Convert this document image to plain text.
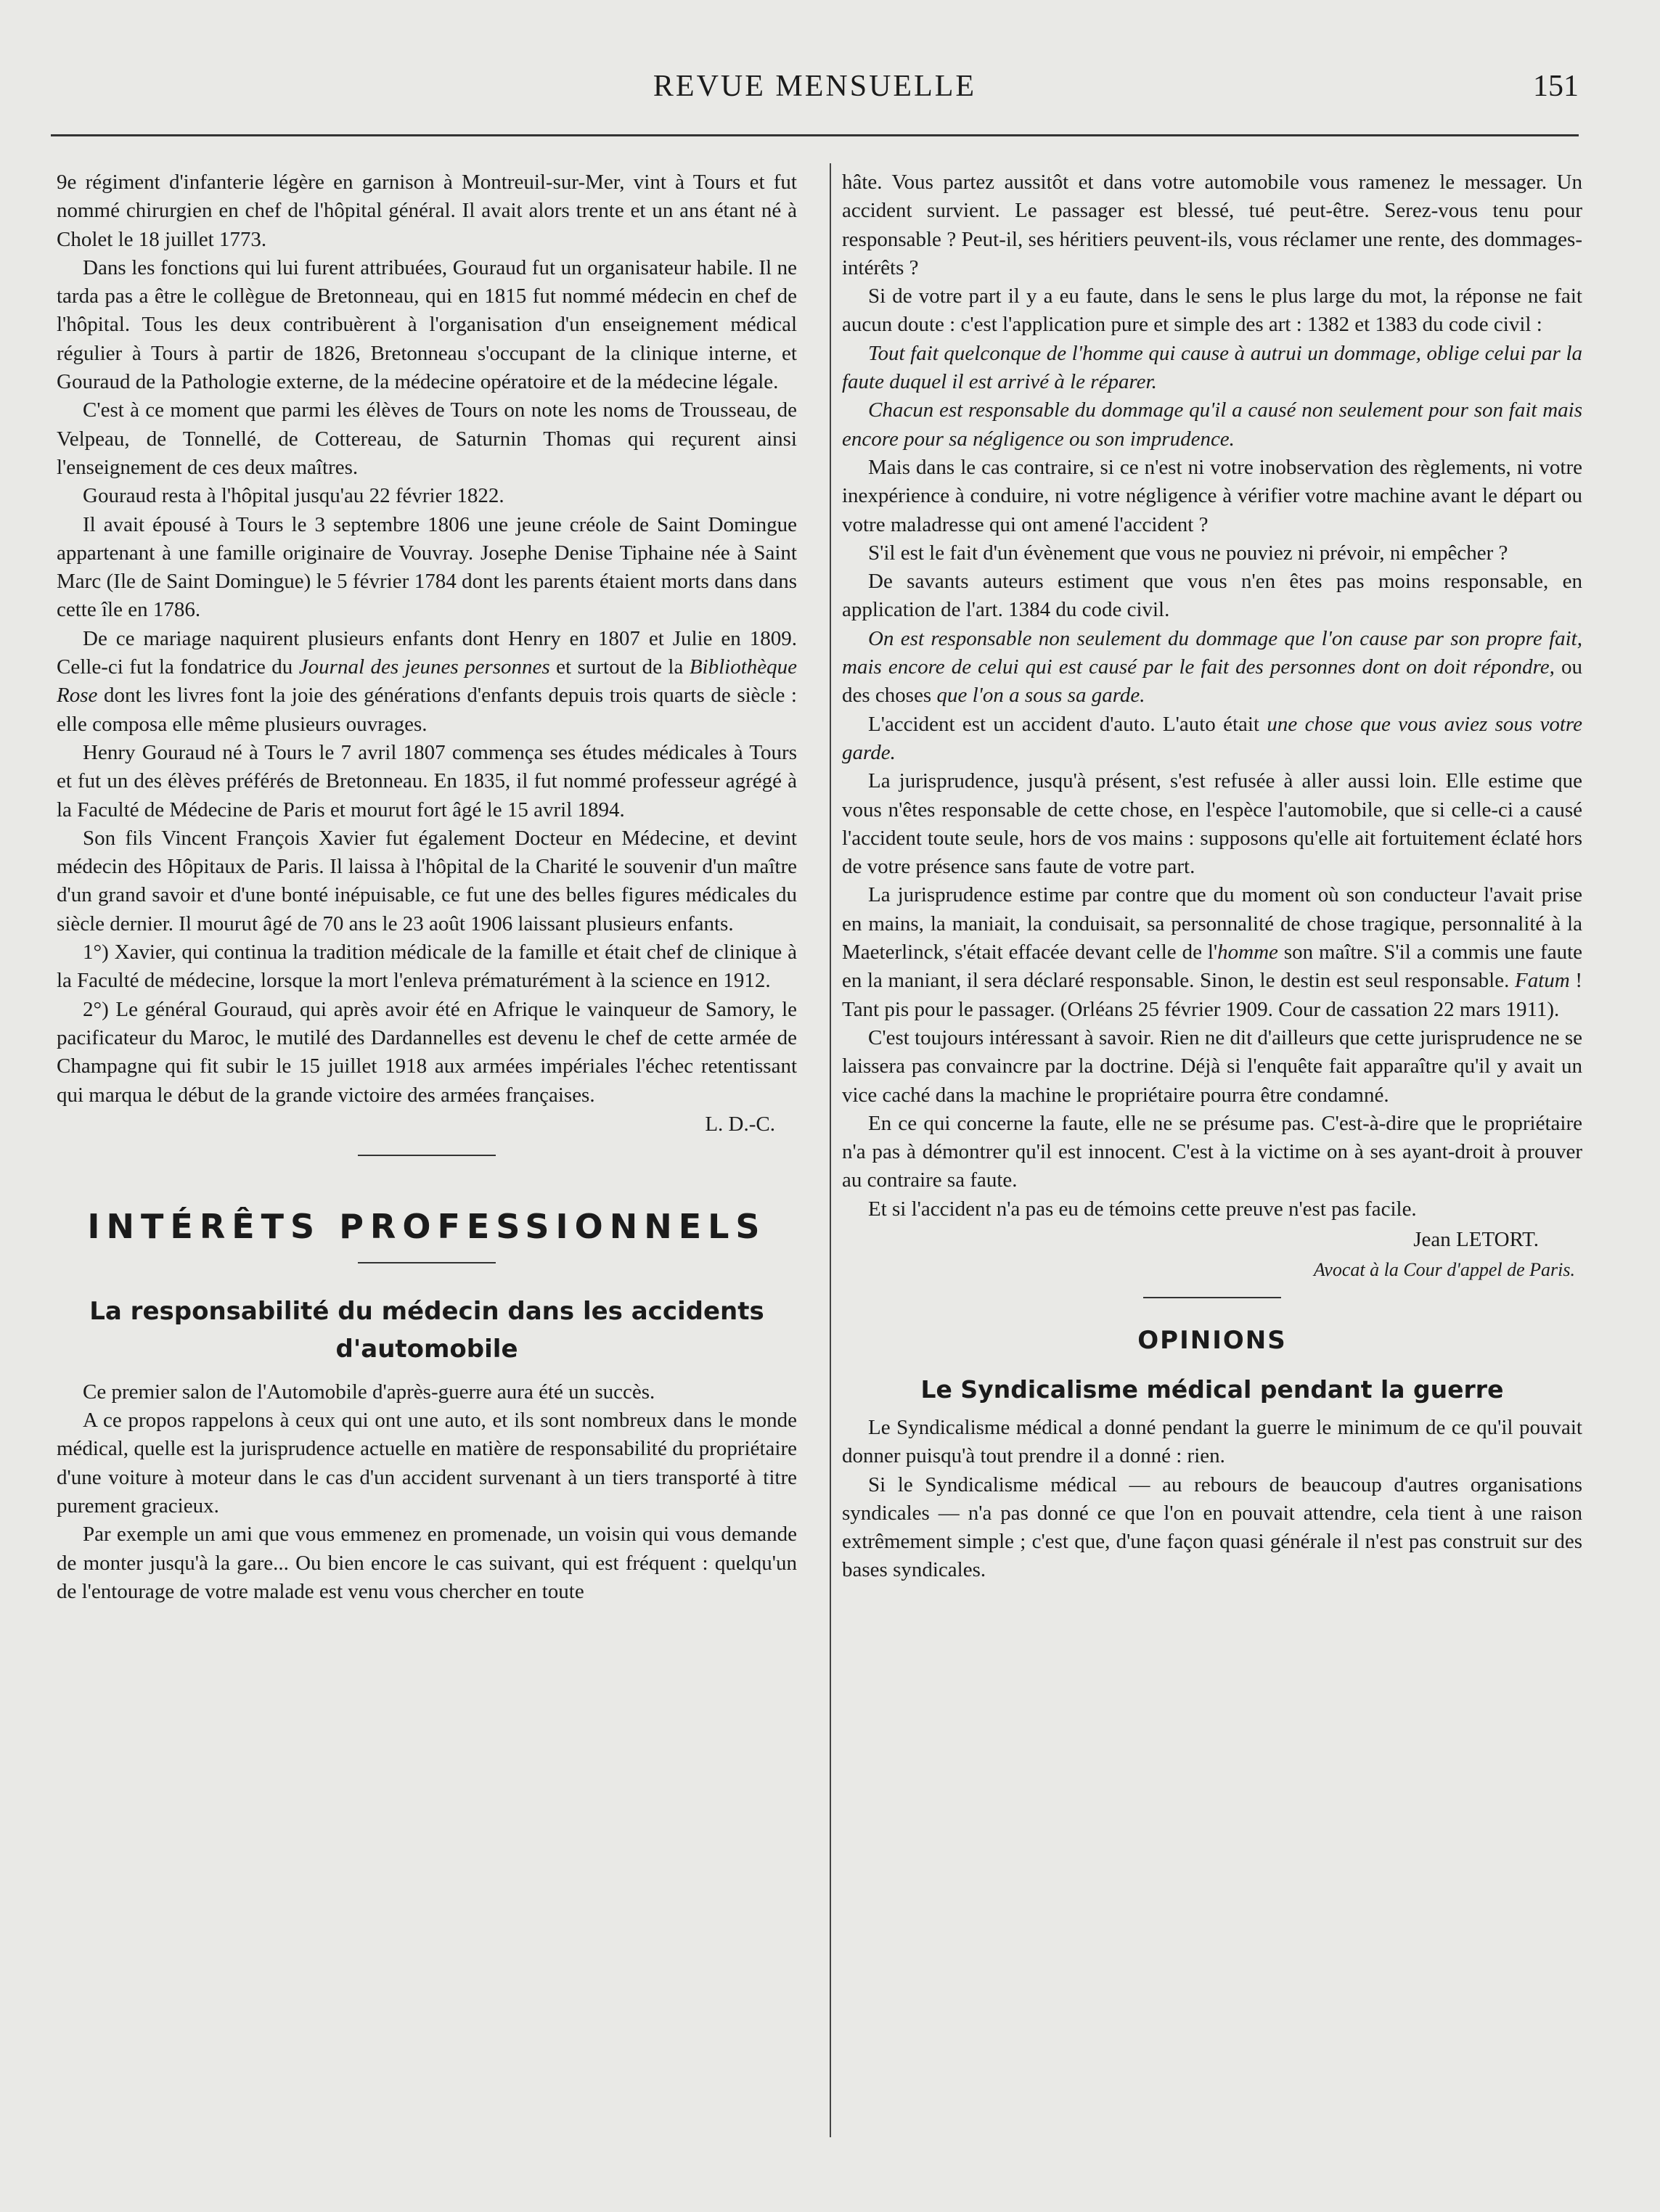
REVUE MENSUELLE	151

9e régiment d'infanterie légère en garnison à Montreuil-sur-Mer, vint à Tours et fut nommé chirurgien en chef de l'hôpital général. Il avait alors trente et un ans étant né à Cholet le 18 juillet 1773.

Dans les fonctions qui lui furent attribuées, Gouraud fut un organisateur habile. Il ne tarda pas a être le collègue de Bretonneau, qui en 1815 fut nommé médecin en chef de l'hôpital. Tous les deux contribuèrent à l'organisation d'un enseignement médical régulier à Tours à partir de 1826, Bretonneau s'occupant de la clinique interne, et Gouraud de la Pathologie externe, de la médecine opératoire et de la médecine légale.

C'est à ce moment que parmi les élèves de Tours on note les noms de Trousseau, de Velpeau, de Tonnellé, de Cottereau, de Saturnin Thomas qui reçurent ainsi l'enseignement de ces deux maîtres.

Gouraud resta à l'hôpital jusqu'au 22 février 1822.

Il avait épousé à Tours le 3 septembre 1806 une jeune créole de Saint Domingue appartenant à une famille originaire de Vouvray. Josephe Denise Tiphaine née à Saint Marc (Ile de Saint Domingue) le 5 février 1784 dont les parents étaient morts dans dans cette île en 1786.

De ce mariage naquirent plusieurs enfants dont Henry en 1807 et Julie en 1809. Celle-ci fut la fondatrice du Journal des jeunes personnes et surtout de la Bibliothèque Rose dont les livres font la joie des générations d'enfants depuis trois quarts de siècle : elle composa elle même plusieurs ouvrages.

Henry Gouraud né à Tours le 7 avril 1807 commença ses études médicales à Tours et fut un des élèves préférés de Bretonneau. En 1835, il fut nommé professeur agrégé à la Faculté de Médecine de Paris et mourut fort âgé le 15 avril 1894.

Son fils Vincent François Xavier fut également Docteur en Médecine, et devint médecin des Hôpitaux de Paris. Il laissa à l'hôpital de la Charité le souvenir d'un maître d'un grand savoir et d'une bonté inépuisable, ce fut une des belles figures médicales du siècle dernier. Il mourut âgé de 70 ans le 23 août 1906 laissant plusieurs enfants.

1°) Xavier, qui continua la tradition médicale de la famille et était chef de clinique à la Faculté de médecine, lorsque la mort l'enleva prématurément à la science en 1912.

2°) Le général Gouraud, qui après avoir été en Afrique le vainqueur de Samory, le pacificateur du Maroc, le mutilé des Dardannelles est devenu le chef de cette armée de Champagne qui fit subir le 15 juillet 1918 aux armées impériales l'échec retentissant qui marqua le début de la grande victoire des armées françaises.

L. D.-C.
INTÉRÊTS PROFESSIONNELS
La responsabilité du médecin dans les accidents d'automobile

Ce premier salon de l'Automobile d'après-guerre aura été un succès.

A ce propos rappelons à ceux qui ont une auto, et ils sont nombreux dans le monde médical, quelle est la jurisprudence actuelle en matière de responsabilité du propriétaire d'une voiture à moteur dans le cas d'un accident survenant à un tiers transporté à titre purement gracieux.

Par exemple un ami que vous emmenez en promenade, un voisin qui vous demande de monter jusqu'à la gare... Ou bien encore le cas suivant, qui est fréquent : quelqu'un de l'entourage de votre malade est venu vous chercher en toute

hâte. Vous partez aussitôt et dans votre automobile vous ramenez le messager. Un accident survient. Le passager est blessé, tué peut-être. Serez-vous tenu pour responsable ? Peut-il, ses héritiers peuvent-ils, vous réclamer une rente, des dommages-intérêts ?

Si de votre part il y a eu faute, dans le sens le plus large du mot, la réponse ne fait aucun doute : c'est l'application pure et simple des art : 1382 et 1383 du code civil :

Tout fait quelconque de l'homme qui cause à autrui un dommage, oblige celui par la faute duquel il est arrivé à le réparer.

Chacun est responsable du dommage qu'il a causé non seulement pour son fait mais encore pour sa négligence ou son imprudence.

Mais dans le cas contraire, si ce n'est ni votre inobservation des règlements, ni votre inexpérience à conduire, ni votre négligence à vérifier votre machine avant le départ ou votre maladresse qui ont amené l'accident ?

S'il est le fait d'un évènement que vous ne pouviez ni prévoir, ni empêcher ?

De savants auteurs estiment que vous n'en êtes pas moins responsable, en application de l'art. 1384 du code civil.

On est responsable non seulement du dommage que l'on cause par son propre fait, mais encore de celui qui est causé par le fait des personnes dont on doit répondre, ou des choses que l'on a sous sa garde.

L'accident est un accident d'auto. L'auto était une chose que vous aviez sous votre garde.

La jurisprudence, jusqu'à présent, s'est refusée à aller aussi loin. Elle estime que vous n'êtes responsable de cette chose, en l'espèce l'automobile, que si celle-ci a causé l'accident toute seule, hors de vos mains : supposons qu'elle ait fortuitement éclaté hors de votre présence sans faute de votre part.

La jurisprudence estime par contre que du moment où son conducteur l'avait prise en mains, la maniait, la conduisait, sa personnalité de chose tragique, personnalité à la Maeterlinck, s'était effacée devant celle de l'homme son maître. S'il a commis une faute en la maniant, il sera déclaré responsable. Sinon, le destin est seul responsable. Fatum ! Tant pis pour le passager. (Orléans 25 février 1909. Cour de cassation 22 mars 1911).

C'est toujours intéressant à savoir. Rien ne dit d'ailleurs que cette jurisprudence ne se laissera pas convaincre par la doctrine. Déjà si l'enquête fait apparaître qu'il y avait un vice caché dans la machine le propriétaire pourra être condamné.

En ce qui concerne la faute, elle ne se présume pas. C'est-à-dire que le propriétaire n'a pas à démontrer qu'il est innocent. C'est à la victime on à ses ayant-droit à prouver au contraire sa faute.

Et si l'accident n'a pas eu de témoins cette preuve n'est pas facile.

Jean LETORT.
Avocat à la Cour d'appel de Paris.
OPINIONS
Le Syndicalisme médical pendant la guerre

Le Syndicalisme médical a donné pendant la guerre le minimum de ce qu'il pouvait donner puisqu'à tout prendre il a donné : rien.

Si le Syndicalisme médical — au rebours de beaucoup d'autres organisations syndicales — n'a pas donné ce que l'on en pouvait attendre, cela tient à une raison extrêmement simple ; c'est que, d'une façon quasi générale il n'est pas construit sur des bases syndicales.
